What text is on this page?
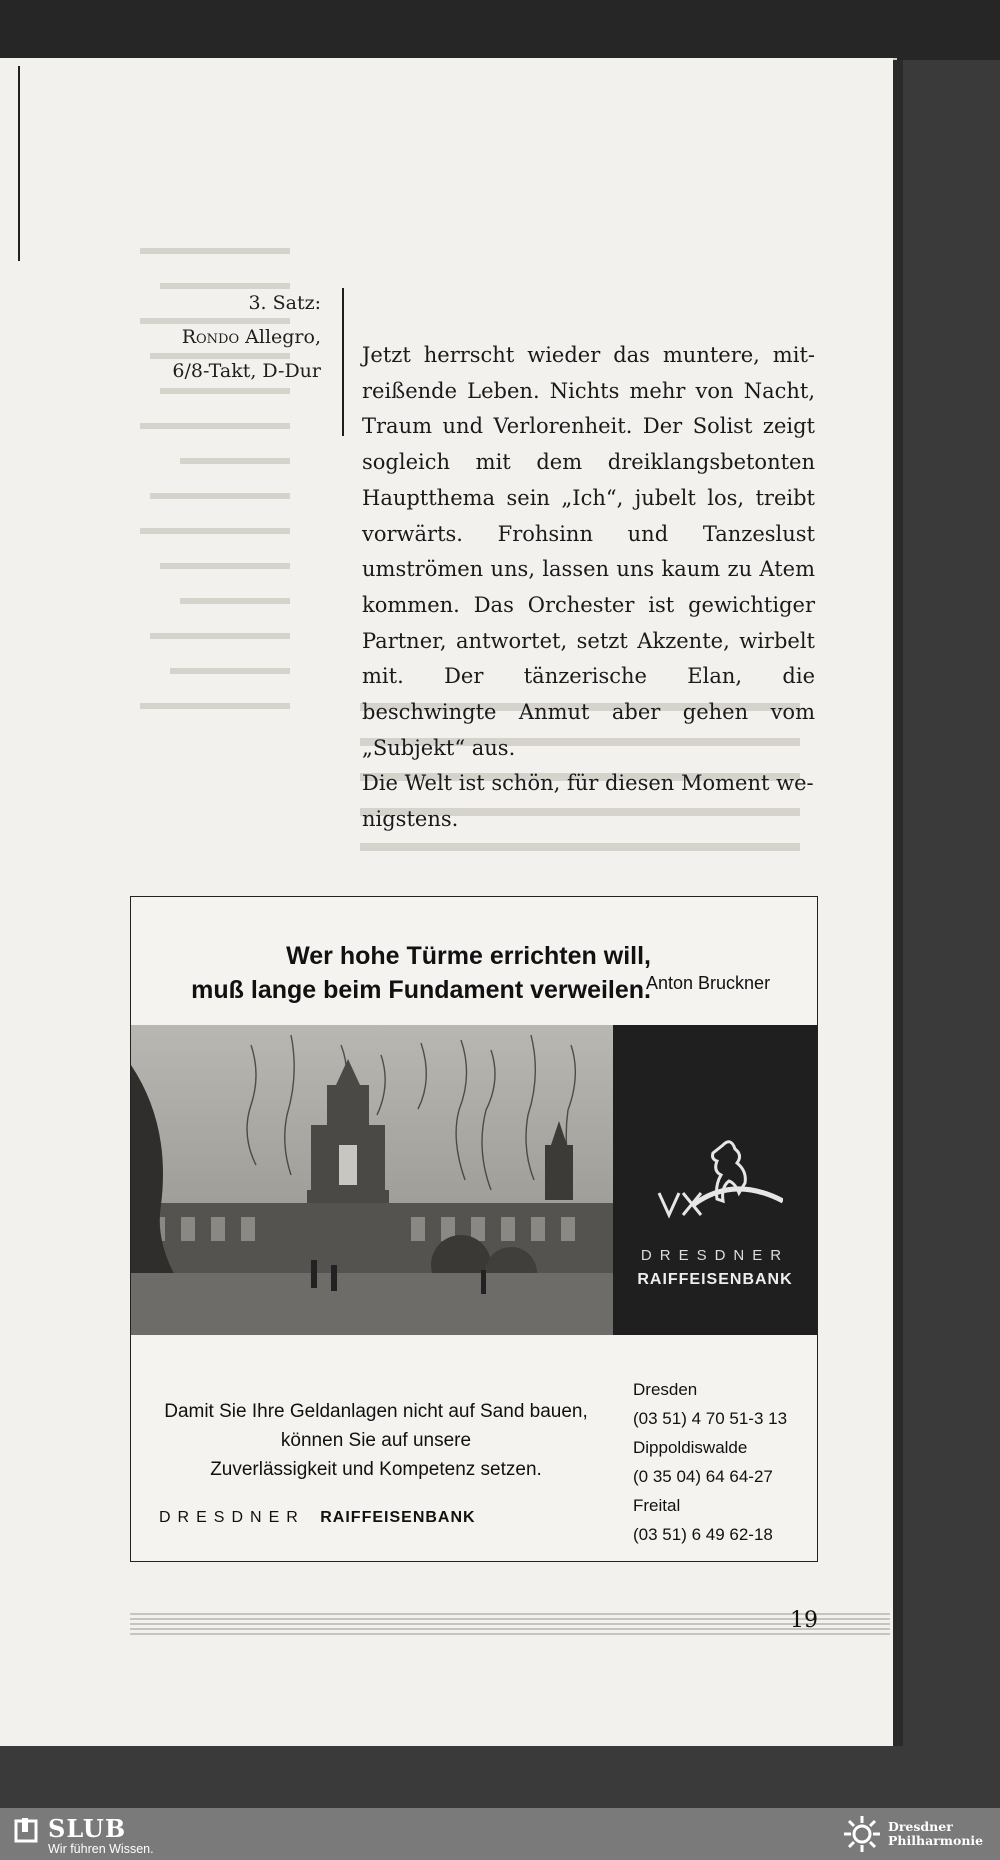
3. Satz:
Rondo Allegro,
6/8-Takt, D-Dur

Jetzt herrscht wieder das muntere, mitreißende Leben. Nichts mehr von Nacht, Traum und Verlorenheit. Der Solist zeigt sogleich mit dem dreiklangsbetonten Hauptthema sein „Ich“, jubelt los, treibt vorwärts. Frohsinn und Tanzeslust umströmen uns, lassen uns kaum zu Atem kommen. Das Orchester ist gewichtiger Partner, antwortet, setzt Akzente, wirbelt mit. Der tänzerische Elan, die beschwingte Anmut aber gehen vom „Subjekt“ aus.

Die Welt ist schön, für diesen Moment wenigstens.

Wer hohe Türme errichten will,
muß lange beim Fundament verweilen.
Anton Bruckner
DRESDNER
RAIFFEISENBANK
Damit Sie Ihre Geldanlagen nicht auf Sand bauen,
können Sie auf unsere
Zuverlässigkeit und Kompetenz setzen.
DRESDNER RAIFFEISENBANK
Dresden
(03 51) 4 70 51-3 13
Dippoldiswalde
(0 35 04) 64 64-27
Freital
(03 51) 6 49 62-18
19
SLUB
Wir führen Wissen.
Dresdner
Philharmonie
